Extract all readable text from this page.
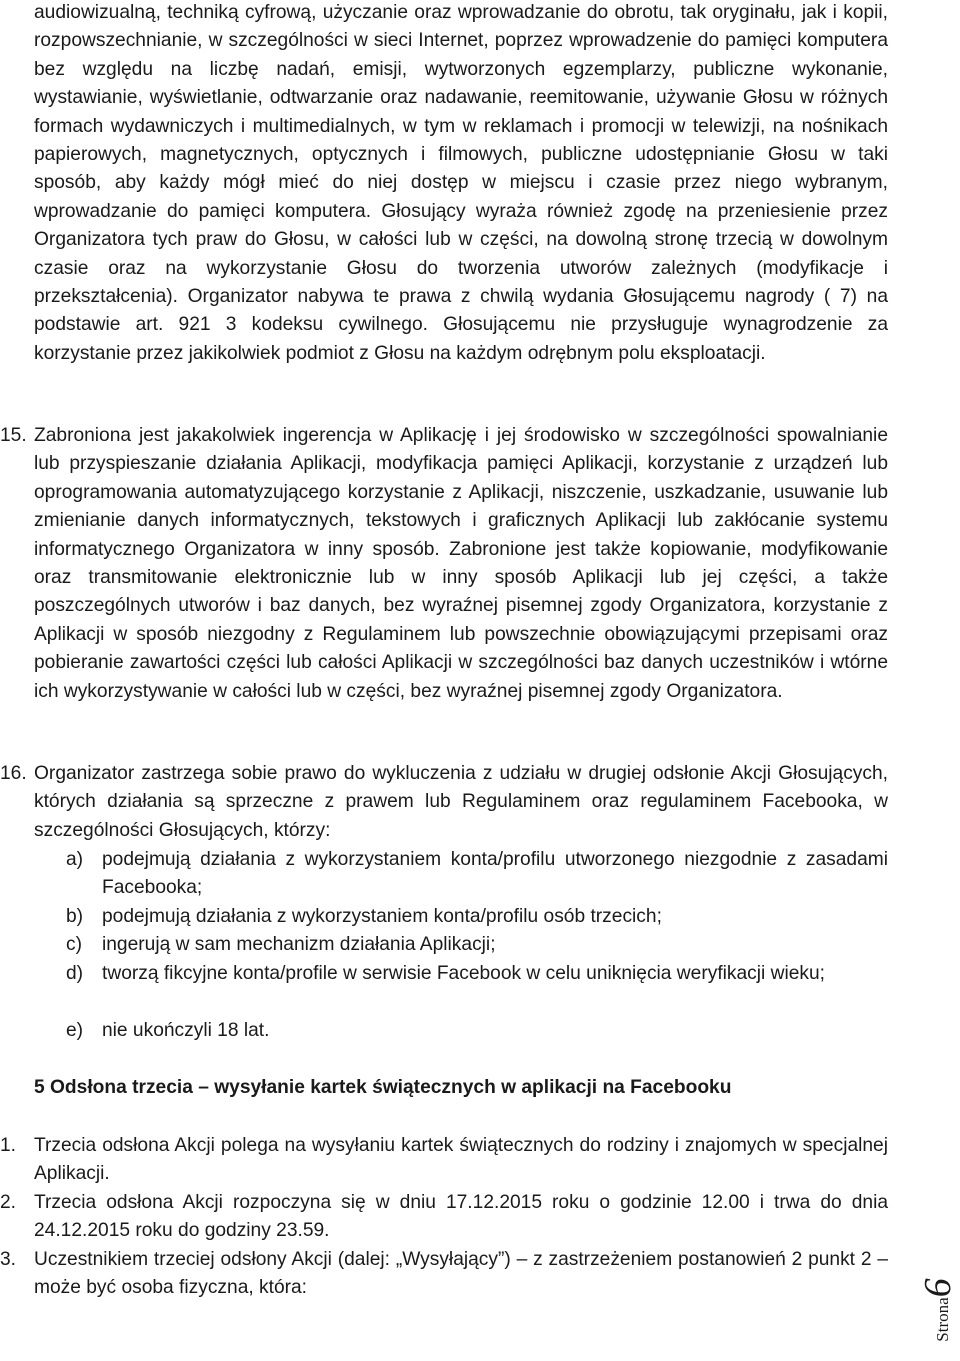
audiowizualną, techniką cyfrową, użyczanie oraz wprowadzanie do obrotu, tak oryginału, jak i kopii, rozpowszechnianie, w szczególności w sieci Internet, poprzez wprowadzenie do pamięci komputera bez względu na liczbę nadań, emisji, wytworzonych egzemplarzy, publiczne wykonanie, wystawianie, wyświetlanie, odtwarzanie oraz nadawanie, reemitowanie, używanie Głosu w różnych formach wydawniczych i multimedialnych, w tym w reklamach i promocji w telewizji, na nośnikach papierowych, magnetycznych, optycznych i filmowych, publiczne udostępnianie Głosu w taki sposób, aby każdy mógł mieć do niej dostęp w miejscu i czasie przez niego wybranym, wprowadzanie do pamięci komputera. Głosujący wyraża również zgodę na przeniesienie przez Organizatora tych praw do Głosu, w całości lub w części, na dowolną stronę trzecią w dowolnym czasie oraz na wykorzystanie Głosu do tworzenia utworów zależnych (modyfikacje i przekształcenia). Organizator nabywa te prawa z chwilą wydania Głosującemu nagrody ( 7) na podstawie art. 921 3 kodeksu cywilnego. Głosującemu nie przysługuje wynagrodzenie za korzystanie przez jakikolwiek podmiot z Głosu na każdym odrębnym polu eksploatacji.
15. Zabroniona jest jakakolwiek ingerencja w Aplikację i jej środowisko w szczególności spowalnianie lub przyspieszanie działania Aplikacji, modyfikacja pamięci Aplikacji, korzystanie z urządzeń lub oprogramowania automatyzującego korzystanie z Aplikacji, niszczenie, uszkadzanie, usuwanie lub zmienianie danych informatycznych, tekstowych i graficznych Aplikacji lub zakłócanie systemu informatycznego Organizatora w inny sposób. Zabronione jest także kopiowanie, modyfikowanie oraz transmitowanie elektronicznie lub w inny sposób Aplikacji lub jej części, a także poszczególnych utworów i baz danych, bez wyraźnej pisemnej zgody Organizatora, korzystanie z Aplikacji w sposób niezgodny z Regulaminem lub powszechnie obowiązującymi przepisami oraz pobieranie zawartości części lub całości Aplikacji w szczególności baz danych uczestników i wtórne ich wykorzystywanie w całości lub w części, bez wyraźnej pisemnej zgody Organizatora.
16. Organizator zastrzega sobie prawo do wykluczenia z udziału w drugiej odsłonie Akcji Głosujących, których działania są sprzeczne z prawem lub Regulaminem oraz regulaminem Facebooka, w szczególności Głosujących, którzy:
a) podejmują działania z wykorzystaniem konta/profilu utworzonego niezgodnie z zasadami Facebooka;
b) podejmują działania z wykorzystaniem konta/profilu osób trzecich;
c) ingerują w sam mechanizm działania Aplikacji;
d) tworzą fikcyjne konta/profile w serwisie Facebook w celu uniknięcia weryfikacji wieku;
e) nie ukończyli 18 lat.
5 Odsłona trzecia – wysyłanie kartek świątecznych w aplikacji na Facebooku
1. Trzecia odsłona Akcji polega na wysyłaniu kartek świątecznych do rodziny i znajomych w specjalnej Aplikacji.
2. Trzecia odsłona Akcji rozpoczyna się w dniu 17.12.2015 roku o godzinie 12.00 i trwa do dnia 24.12.2015 roku do godziny 23.59.
3. Uczestnikiem trzeciej odsłony Akcji (dalej: „Wysyłający”) – z zastrzeżeniem postanowień 2 punkt 2 – może być osoba fizyczna, która:
Strona6
